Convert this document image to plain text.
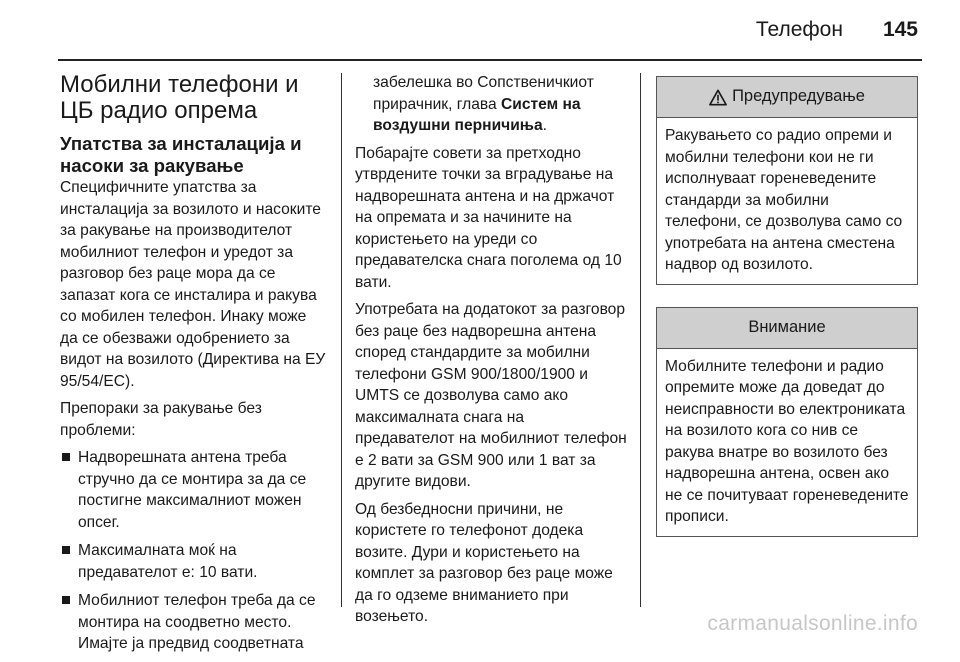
Телефон 145
Мобилни телефони и ЦБ радио опрема
Упатства за инсталација и насоки за ракување

Специфичните упатства за инсталација за возилото и насоките за ракување на производителот мобилниот телефон и уредот за разговор без раце мора да се запазат кога се инсталира и ракува со мобилен телефон. Инаку може да се обезважи одобрението за видот на возилото (Директива на ЕУ 95/54/ЕС).

Препораки за ракување без проблеми:

Надворешната антена треба стручно да се монтира за да се постигне максималниот можен опсег.
Максималната моќ на предавателот е: 10 вати.
Мобилниот телефон треба да се монтира на соодветно место. Имајте ја предвид соодветната

забелешка во Сопственичкиот прирачник, глава Систем на воздушни перничиња.

Побарајте совети за претходно утврдените точки за вградување на надворешната антена и на држачот на опремата и за начините на користењето на уреди со предавателска снага поголема од 10 вати.

Употребата на додатокот за разговор без раце без надворешна антена според стандардите за мобилни телефони GSM 900/1800/1900 и UMTS се дозволува само ако максималната снага на предавателот на мобилниот телефон е 2 вати за GSM 900 или 1 ват за другите видови.

Од безбедносни причини, не користете го телефонот додека возите. Дури и користењето на комплет за разговор без раце може да го одземе вниманието при возењето.

Предупредување
Ракувањето со радио опреми и мобилни телефони кои не ги исполнуваат гореневедените стандарди за мобилни телефони, се дозволува само со употребата на антена сместена надвор од возилото.
Внимание
Мобилните телефони и радио опремите може да доведат до неисправности во електрониката на возилото кога со нив се ракува внатре во возилото без надворешна антена, освен ако не се почитуваат гореневедените прописи.
carmanualsonline.info
